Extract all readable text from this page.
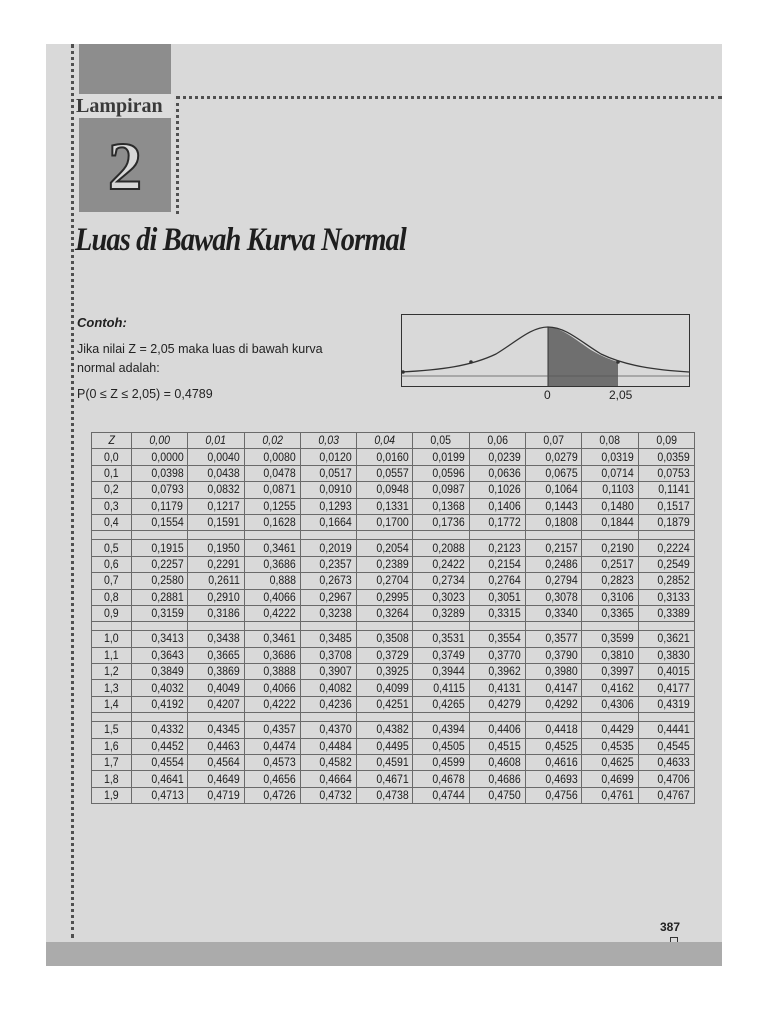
Lampiran
2
Luas di Bawah Kurva Normal
Contoh:
Jika nilai Z = 2,05 maka luas di bawah kurva normal adalah:
P(0 ≤ Z ≤ 2,05) = 0,4789	0	2,05
Z	0,00	0,01	0,02	0,03	0,04	0,05	0,06	0,07	0,08	0,09
0,0	0,0000	0,0040	0,0080	0,0120	0,0160	0,0199	0,0239	0,0279	0,0319	0,0359
0,1	0,0398	0,0438	0,0478	0,0517	0,0557	0,0596	0,0636	0,0675	0,0714	0,0753
0,2	0,0793	0,0832	0,0871	0,0910	0,0948	0,0987	0,1026	0,1064	0,1103	0,1141
0,3	0,1179	0,1217	0,1255	0,1293	0,1331	0,1368	0,1406	0,1443	0,1480	0,1517
0,4	0,1554	0,1591	0,1628	0,1664	0,1700	0,1736	0,1772	0,1808	0,1844	0,1879

0,5	0,1915	0,1950	0,3461	0,2019	0,2054	0,2088	0,2123	0,2157	0,2190	0,2224
0,6	0,2257	0,2291	0,3686	0,2357	0,2389	0,2422	0,2154	0,2486	0,2517	0,2549
0,7	0,2580	0,2611	0,888	0,2673	0,2704	0,2734	0,2764	0,2794	0,2823	0,2852
0,8	0,2881	0,2910	0,4066	0,2967	0,2995	0,3023	0,3051	0,3078	0,3106	0,3133
0,9	0,3159	0,3186	0,4222	0,3238	0,3264	0,3289	0,3315	0,3340	0,3365	0,3389

1,0	0,3413	0,3438	0,3461	0,3485	0,3508	0,3531	0,3554	0,3577	0,3599	0,3621
1,1	0,3643	0,3665	0,3686	0,3708	0,3729	0,3749	0,3770	0,3790	0,3810	0,3830
1,2	0,3849	0,3869	0,3888	0,3907	0,3925	0,3944	0,3962	0,3980	0,3997	0,4015
1,3	0,4032	0,4049	0,4066	0,4082	0,4099	0,4115	0,4131	0,4147	0,4162	0,4177
1,4	0,4192	0,4207	0,4222	0,4236	0,4251	0,4265	0,4279	0,4292	0,4306	0,4319

1,5	0,4332	0,4345	0,4357	0,4370	0,4382	0,4394	0,4406	0,4418	0,4429	0,4441
1,6	0,4452	0,4463	0,4474	0,4484	0,4495	0,4505	0,4515	0,4525	0,4535	0,4545
1,7	0,4554	0,4564	0,4573	0,4582	0,4591	0,4599	0,4608	0,4616	0,4625	0,4633
1,8	0,4641	0,4649	0,4656	0,4664	0,4671	0,4678	0,4686	0,4693	0,4699	0,4706
1,9	0,4713	0,4719	0,4726	0,4732	0,4738	0,4744	0,4750	0,4756	0,4761	0,4767
387
